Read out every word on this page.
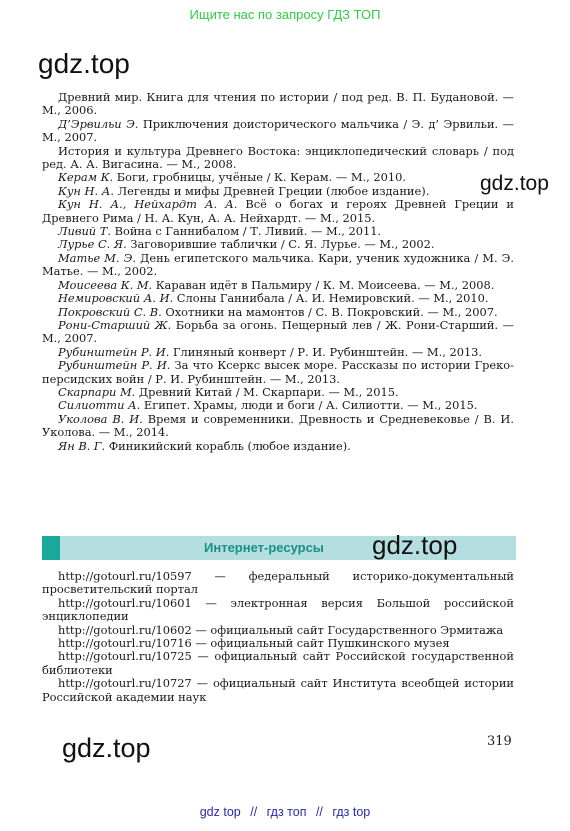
Ищите нас по запросу ГДЗ ТОП
gdz.top
gdz.top

Древний мир. Книга для чтения по истории / под ред. В. П. Будановой. — М., 2006.

Д’Эрвильи Э. Приключения доисторического мальчика / Э. д’ Эрвильи. — М., 2007.

История и культура Древнего Востока: энциклопедический словарь / под ред. А. А. Вигасина. — М., 2008.

Керам К. Боги, гробницы, учёные / К. Керам. — М., 2010.

Кун Н. А. Легенды и мифы Древней Греции (любое издание).

Кун Н. А., Нейхардт А. А. Всё о богах и героях Древней Греции и Древнего Рима / Н. А. Кун, А. А. Нейхардт. — М., 2015.

Ливий Т. Война с Ганнибалом / Т. Ливий. — М., 2011.

Лурье С. Я. Заговорившие таблички / С. Я. Лурье. — М., 2002.

Матье М. Э. День египетского мальчика. Кари, ученик художника / М. Э. Матье. — М., 2002.

Моисеева К. М. Караван идёт в Пальмиру / К. М. Моисеева. — М., 2008.

Немировский А. И. Слоны Ганнибала / А. И. Немировский. — М., 2010.

Покровский С. В. Охотники на мамонтов / С. В. Покровский. — М., 2007.

Рони-Старший Ж. Борьба за огонь. Пещерный лев / Ж. Рони-Старший. — М., 2007.

Рубинштейн Р. И. Глиняный конверт / Р. И. Рубинштейн. — М., 2013.

Рубинштейн Р. И. За что Ксеркс высек море. Рассказы по истории Греко-персидских войн / Р. И. Рубинштейн. — М., 2013.

Скарпари М. Древний Китай / М. Скарпари. — М., 2015.

Силиотти А. Египет. Храмы, люди и боги / А. Силиотти. — М., 2015.

Уколова В. И. Время и современники. Древность и Средневековье / В. И. Уколова. — М., 2014.

Ян В. Г. Финикийский корабль (любое издание).

Интернет-ресурсы gdz.top

http://gotourl.ru/10597 — федеральный историко-документальный просветительский портал

http://gotourl.ru/10601 — электронная версия Большой российской энциклопедии

http://gotourl.ru/10602 — официальный сайт Государственного Эрмитажа

http://gotourl.ru/10716 — официальный сайт Пушкинского музея

http://gotourl.ru/10725 — официальный сайт Российской государственной библиотеки

http://gotourl.ru/10727 — официальный сайт Института всеобщей истории Российской академии наук

gdz.top	319
gdz top // гдз топ // гдз top
